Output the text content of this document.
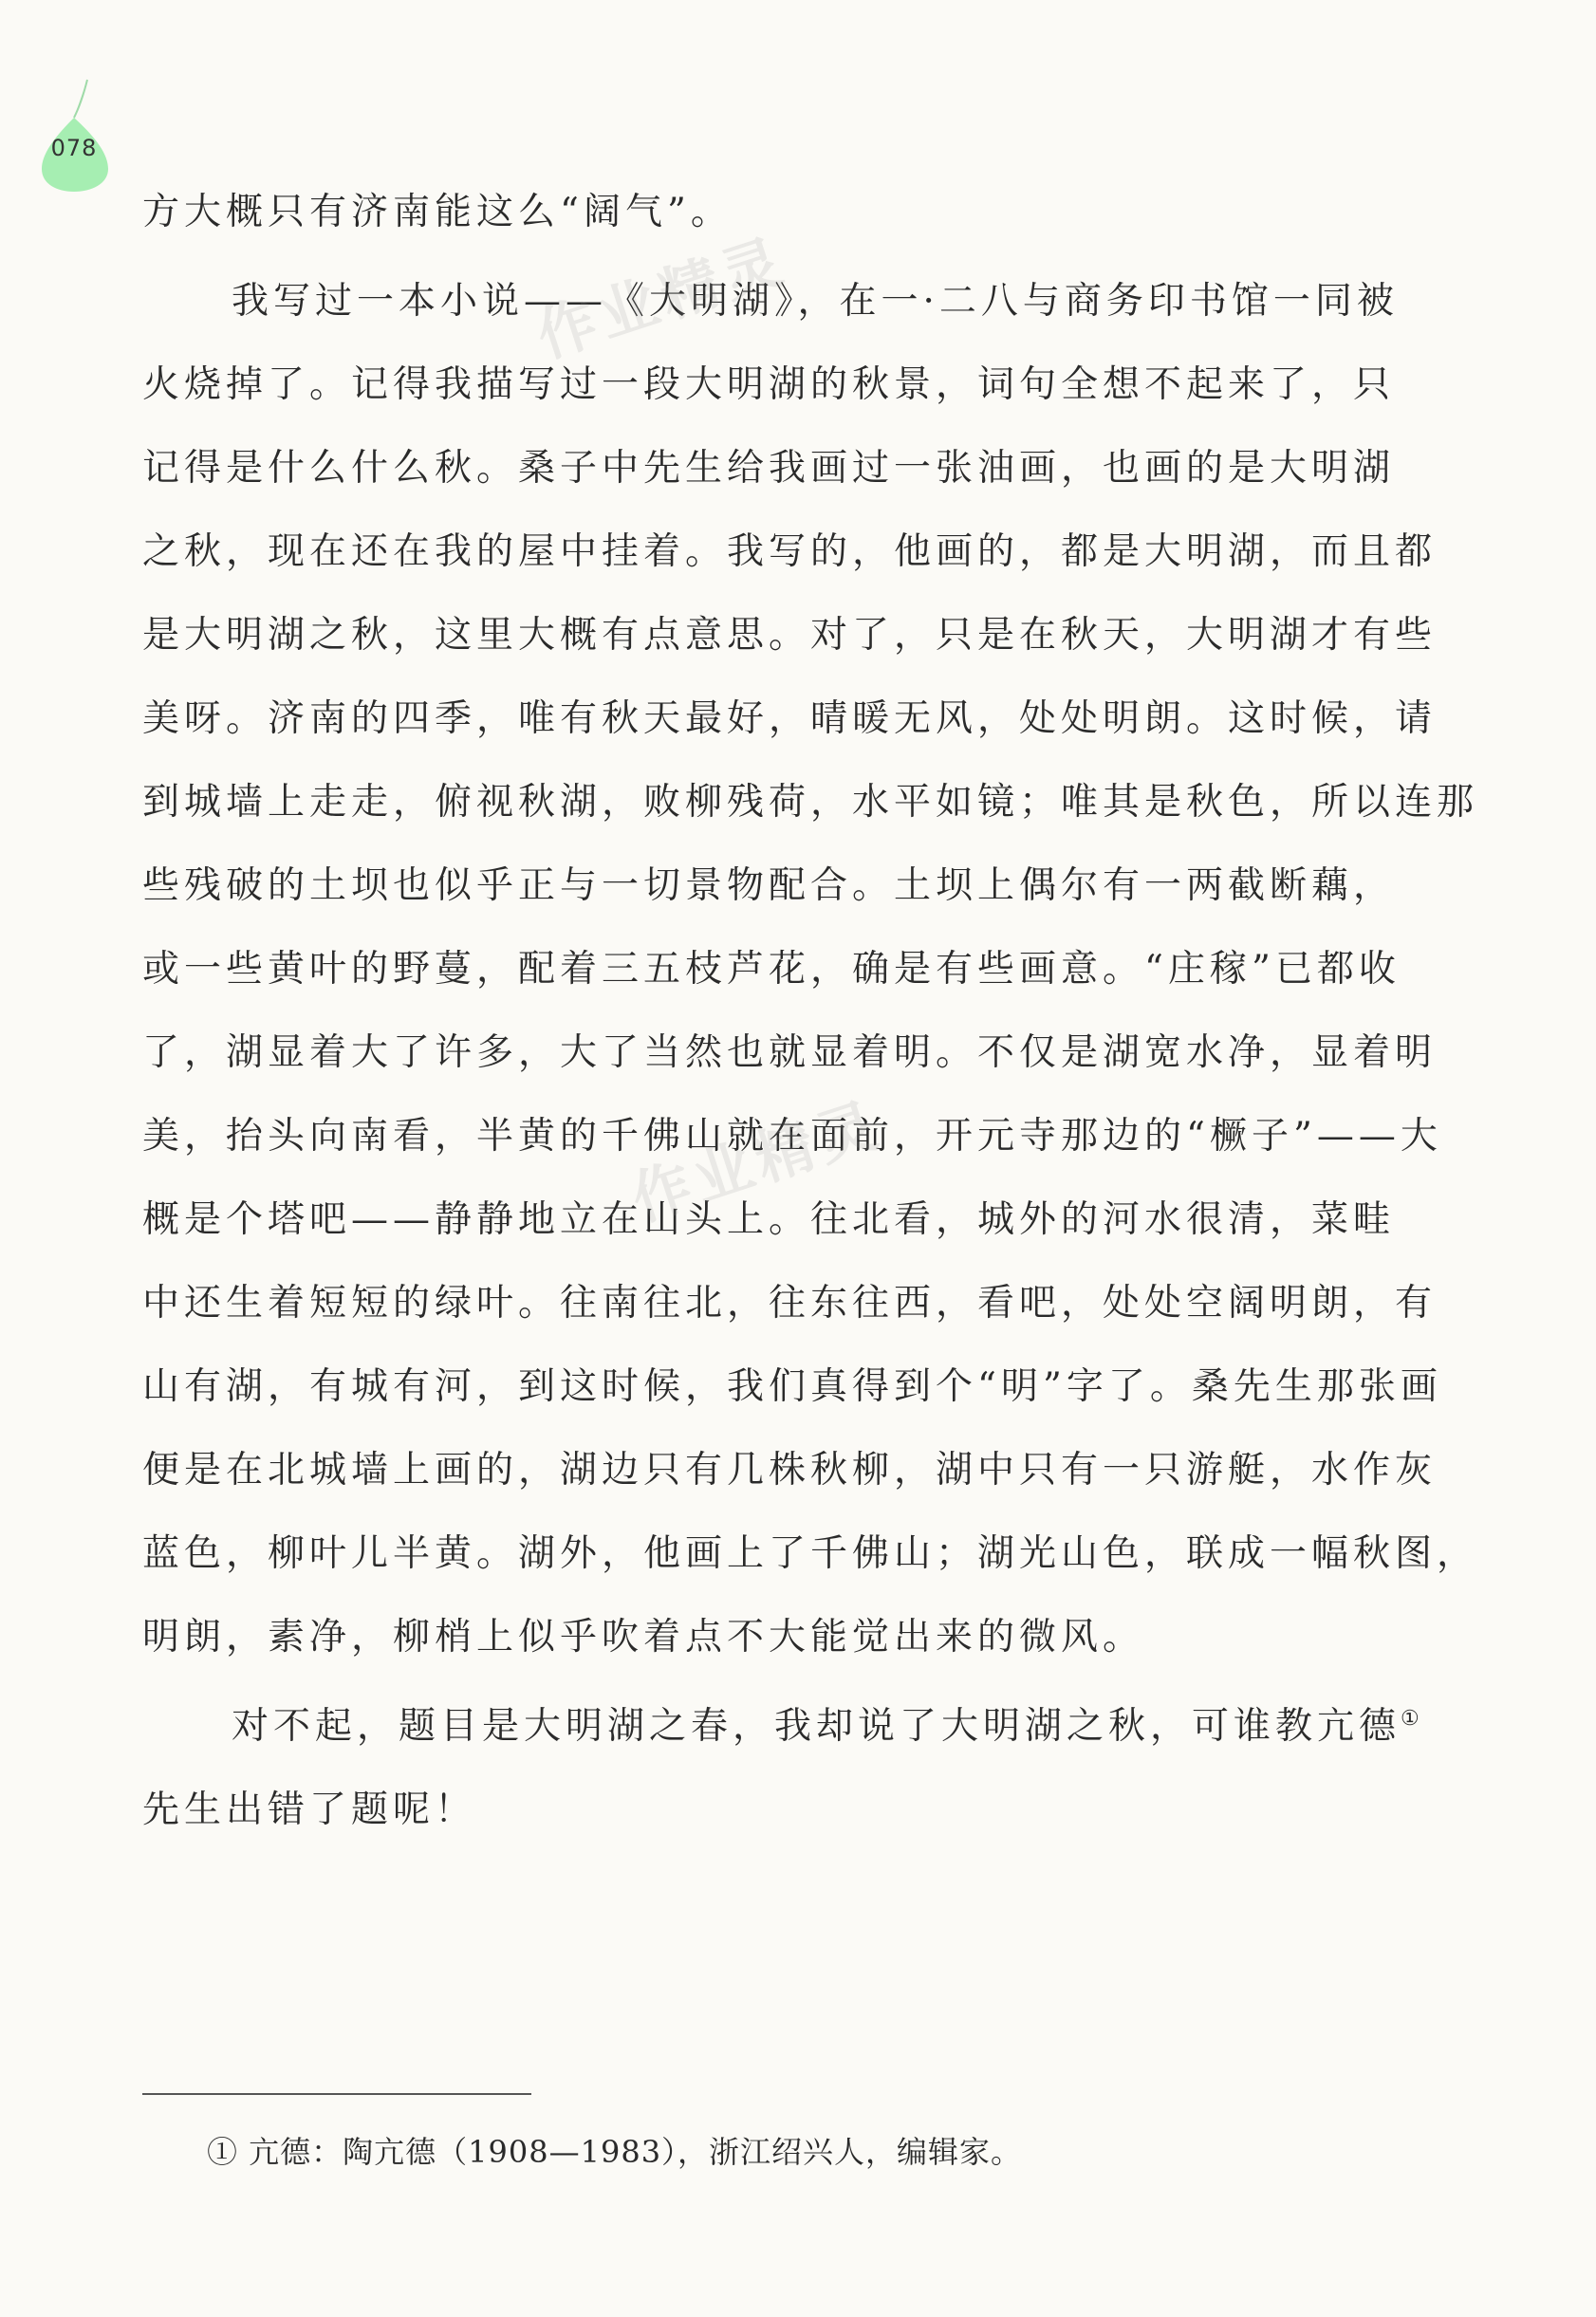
078
方大概只有济南能这么“阔气”。
我写过一本小说——《大明湖》，在一·二八与商务印书馆一同被
火烧掉了。记得我描写过一段大明湖的秋景，词句全想不起来了，只
记得是什么什么秋。桑子中先生给我画过一张油画，也画的是大明湖
之秋，现在还在我的屋中挂着。我写的，他画的，都是大明湖，而且都
是大明湖之秋，这里大概有点意思。对了，只是在秋天，大明湖才有些
美呀。济南的四季，唯有秋天最好，晴暖无风，处处明朗。这时候，请
到城墙上走走，俯视秋湖，败柳残荷，水平如镜；唯其是秋色，所以连那
些残破的土坝也似乎正与一切景物配合。土坝上偶尔有一两截断藕，
或一些黄叶的野蔓，配着三五枝芦花，确是有些画意。“庄稼”已都收
了，湖显着大了许多，大了当然也就显着明。不仅是湖宽水净，显着明
美，抬头向南看，半黄的千佛山就在面前，开元寺那边的“橛子”——大
概是个塔吧——静静地立在山头上。往北看，城外的河水很清，菜畦
中还生着短短的绿叶。往南往北，往东往西，看吧，处处空阔明朗，有
山有湖，有城有河，到这时候，我们真得到个“明”字了。桑先生那张画
便是在北城墙上画的，湖边只有几株秋柳，湖中只有一只游艇，水作灰
蓝色，柳叶儿半黄。湖外，他画上了千佛山；湖光山色，联成一幅秋图，
明朗，素净，柳梢上似乎吹着点不大能觉出来的微风。
对不起，题目是大明湖之春，我却说了大明湖之秋，可谁教亢德①
先生出错了题呢！
作业精灵
作业精灵
① 亢德：陶亢德（1908—1983），浙江绍兴人，编辑家。
